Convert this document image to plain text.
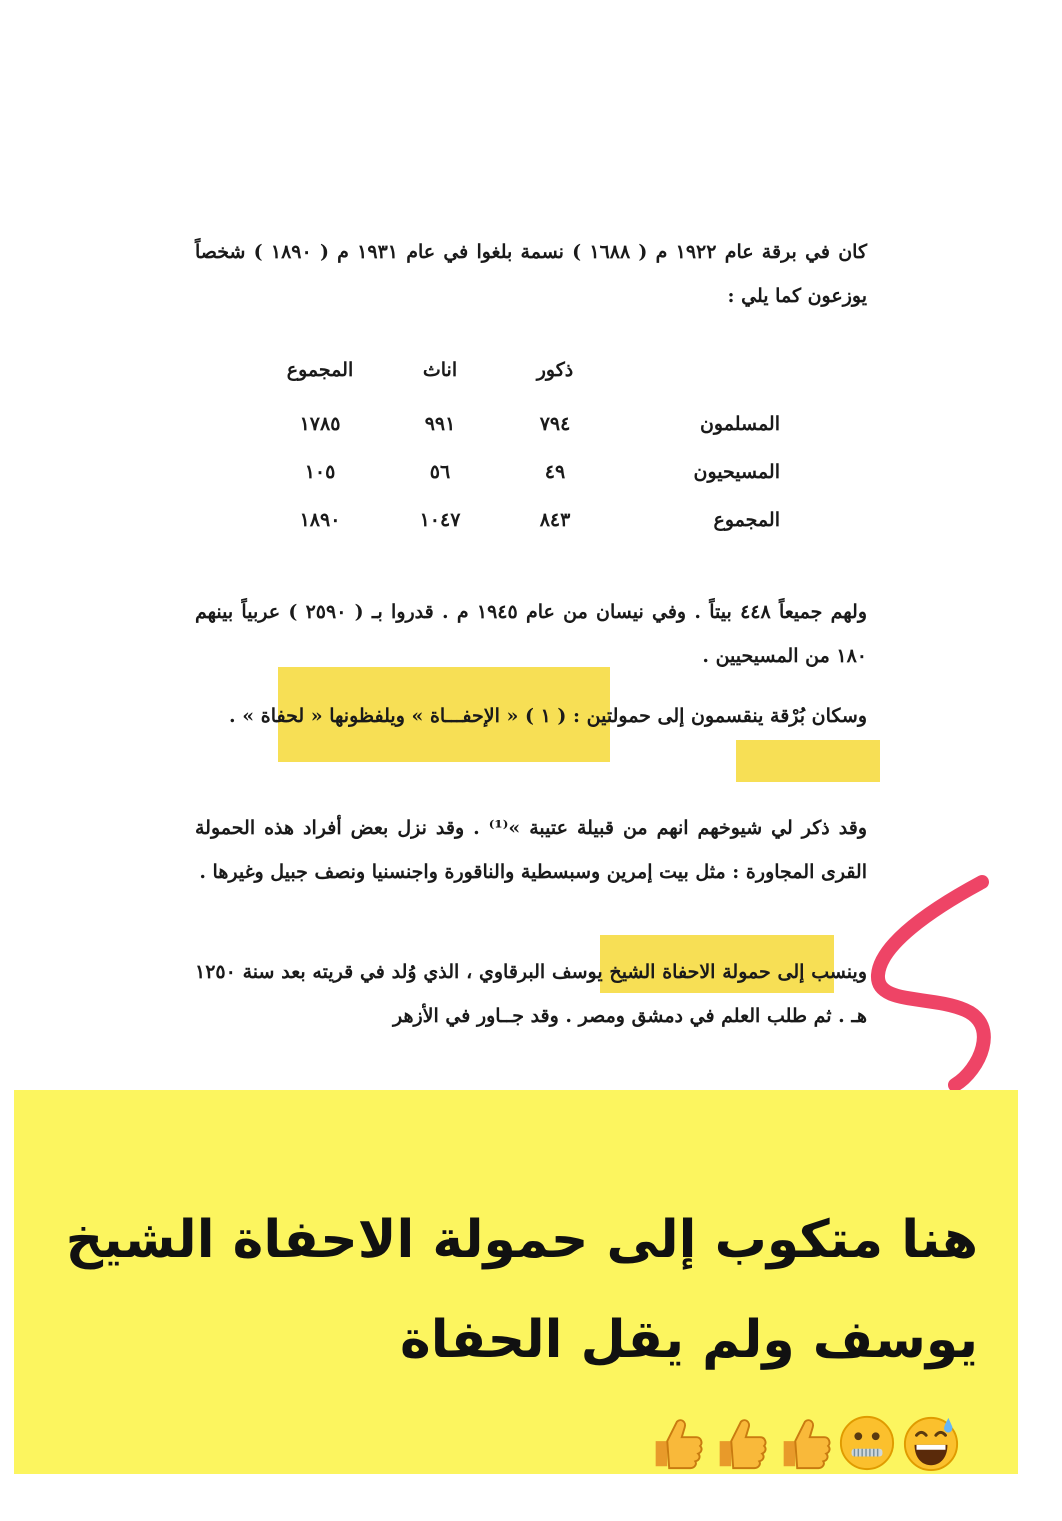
كان في برقة عام ١٩٢٢ م ( ١٦٨٨ ) نسمة بلغوا في عام ١٩٣١ م ( ١٨٩٠ ) شخصاً يوزعون كما يلي :
	ذكور	اناث	المجموع
المسلمون	٧٩٤	٩٩١	١٧٨٥
المسيحيون	٤٩	٥٦	١٠٥
المجموع	٨٤٣	١٠٤٧	١٨٩٠
ولهم جميعاً ٤٤٨ بيتاً . وفي نيسان من عام ١٩٤٥ م . قدروا بـ ( ٢٥٩٠ ) عربياً بينهم ١٨٠ من المسيحيين .
وسكان بُرْقة ينقسمون إلى حمولتين : ( ١ ) « الإحفـــاة » ويلفظونها « لحفاة » .
وقد ذكر لي شيوخهم انهم من قبيلة عتيبة »⁽¹⁾ . وقد نزل بعض أفراد هذه الحمولة القرى المجاورة : مثل بيت إمرين وسبسطية والناقورة واجنسنيا ونصف جبيل وغيرها .
وينسب إلى حمولة الاحفاة الشيخ يوسف البرقاوي ، الذي وُلد في قريته بعد سنة ١٢٥٠ هـ . ثم طلب العلم في دمشق ومصر . وقد جــاور في الأزهر
هنا متكوب إلى حمولة الاحفاة الشيخ يوسف ولم يقل الحفاة
